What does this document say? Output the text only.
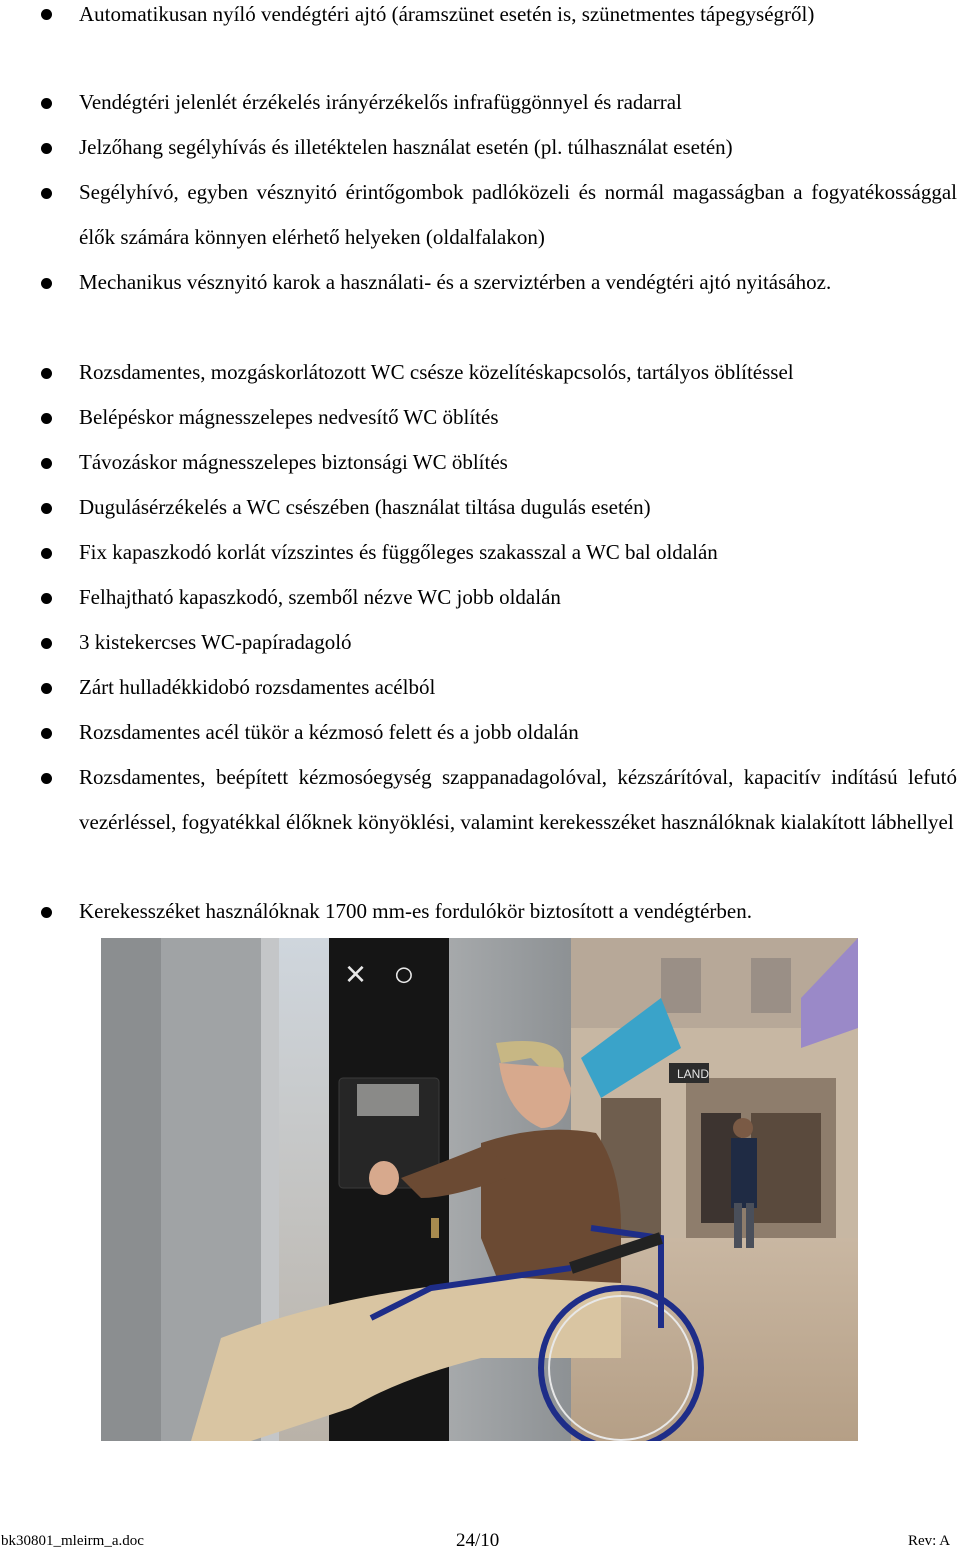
Automatikusan nyíló vendégtéri ajtó (áramszünet esetén is, szünetmentes tápegységről)
Vendégtéri jelenlét érzékelés irányérzékelős infrafüggönnyel és radarral
Jelzőhang segélyhívás és illetéktelen használat esetén (pl. túlhasználat esetén)
Segélyhívó, egyben vésznyitó érintőgombok padlóközeli és normál magasságban a fogyatékossággal élők számára könnyen elérhető helyeken (oldalfalakon)
Mechanikus vésznyitó karok a használati- és a szerviztérben a vendégtéri ajtó nyitásához.
Rozsdamentes, mozgáskorlátozott WC csésze közelítéskapcsolós, tartályos öblítéssel
Belépéskor mágnesszelepes nedvesítő WC öblítés
Távozáskor mágnesszelepes biztonsági WC öblítés
Dugulásérzékelés a WC csészében (használat tiltása dugulás esetén)
Fix kapaszkodó korlát vízszintes és függőleges szakasszal a WC bal oldalán
Felhajtható kapaszkodó, szemből nézve WC jobb oldalán
3 kistekercses WC-papíradagoló
Zárt hulladékkidobó rozsdamentes acélból
Rozsdamentes acél tükör a kézmosó felett és a jobb oldalán
Rozsdamentes, beépített kézmosóegység szappanadagolóval, kézszárítóval, kapacitív indítású lefutó vezérléssel, fogyatékkal élőknek könyöklési, valamint kerekesszéket használóknak kialakított lábhellyel
Kerekesszéket használóknak 1700 mm-es fordulókör biztosított a vendégtérben.
LAND
× ○
bk30801_mleirm_a.doc	24/10	Rev: A
